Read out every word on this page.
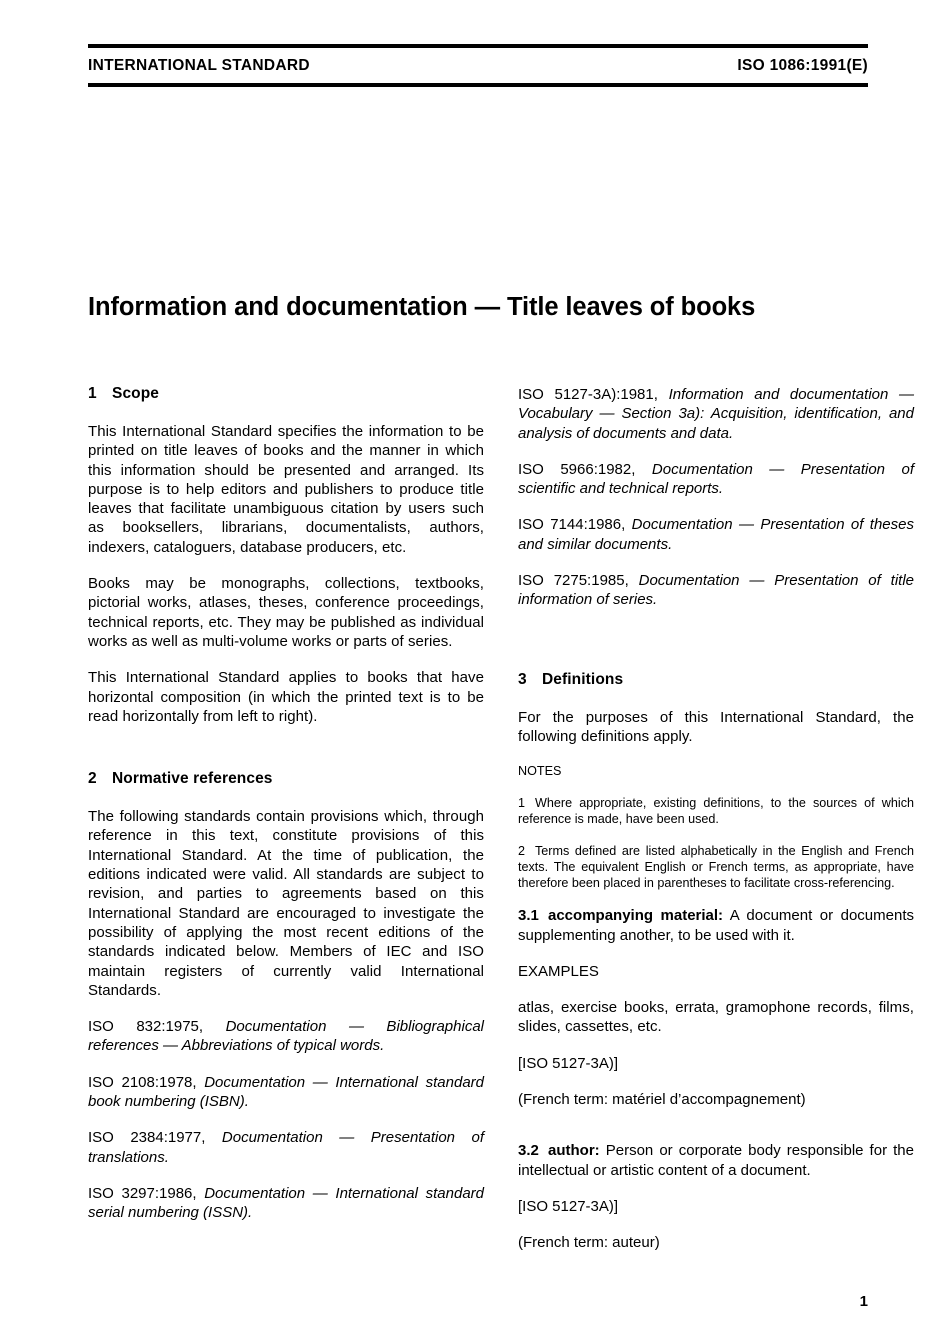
INTERNATIONAL STANDARD	ISO 1086:1991(E)
Information and documentation — Title leaves of books
1 Scope

This International Standard specifies the information to be printed on title leaves of books and the manner in which this information should be presented and arranged. Its purpose is to help editors and publishers to produce title leaves that facilitate unambiguous citation by users such as booksellers, librarians, documentalists, authors, indexers, cataloguers, database producers, etc.

Books may be monographs, collections, textbooks, pictorial works, atlases, theses, conference proceedings, technical reports, etc. They may be published as individual works as well as multi-volume works or parts of series.

This International Standard applies to books that have horizontal composition (in which the printed text is to be read horizontally from left to right).

2 Normative references

The following standards contain provisions which, through reference in this text, constitute provisions of this International Standard. At the time of publication, the editions indicated were valid. All standards are subject to revision, and parties to agreements based on this International Standard are encouraged to investigate the possibility of applying the most recent editions of the standards indicated below. Members of IEC and ISO maintain registers of currently valid International Standards.

ISO 832:1975, Documentation — Bibliographical references — Abbreviations of typical words.

ISO 2108:1978, Documentation — International standard book numbering (ISBN).

ISO 2384:1977, Documentation — Presentation of translations.

ISO 3297:1986, Documentation — International standard serial numbering (ISSN).

ISO 5127-3A):1981, Information and documentation — Vocabulary — Section 3a): Acquisition, identification, and analysis of documents and data.

ISO 5966:1982, Documentation — Presentation of scientific and technical reports.

ISO 7144:1986, Documentation — Presentation of theses and similar documents.

ISO 7275:1985, Documentation — Presentation of title information of series.

3 Definitions

For the purposes of this International Standard, the following definitions apply.

NOTES

1 Where appropriate, existing definitions, to the sources of which reference is made, have been used.

2 Terms defined are listed alphabetically in the English and French texts. The equivalent English or French terms, as appropriate, have therefore been placed in parentheses to facilitate cross-referencing.

3.1 accompanying material: A document or documents supplementing another, to be used with it.

EXAMPLES

atlas, exercise books, errata, gramophone records, films, slides, cassettes, etc.

[ISO 5127-3A)]

(French term: matériel d’accompagnement)

3.2 author: Person or corporate body responsible for the intellectual or artistic content of a document.

[ISO 5127-3A)]

(French term: auteur)

1
